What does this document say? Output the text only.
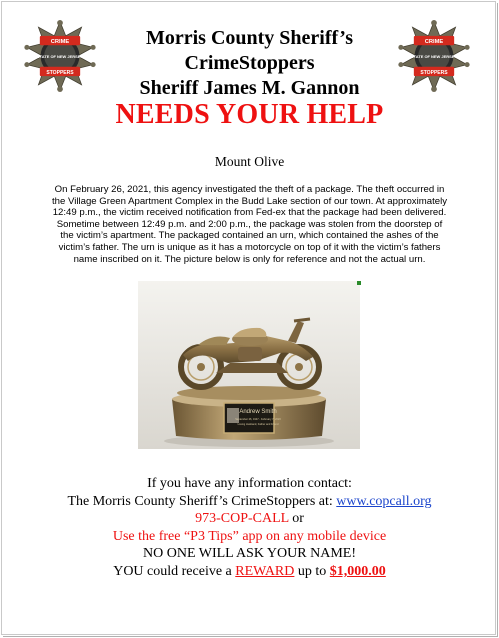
CRIME
STATE OF NEW JERSEY
STOPPERS
CRIME
STATE OF NEW JERSEY
STOPPERS
Morris County Sheriff’s
CrimeStoppers
Sheriff James M. Gannon
NEEDS YOUR HELP
Mount Olive
On February 26, 2021, this agency investigated the theft of a package. The theft occurred in
the Village Green Apartment Complex in the Budd Lake section of our town. At approximately
12:49 p.m., the victim received notification from Fed-ex that the package had been delivered.
Sometime between 12:49 p.m. and 2:00 p.m., the package was stolen from the doorstep of
the victim’s apartment. The packaged contained an urn, which contained the ashes of the
victim’s father. The urn is unique as it has a motorcycle on top of it with the victim’s fathers
name inscribed on it. The picture below is only for reference and not the actual urn.
Andrew Smith
September 26, 1947 - February 7, 2020
Loving Husband, Father and Friend
If you have any information contact:
The Morris County Sheriff’s CrimeStoppers at: www.copcall.org
973-COP-CALL or
Use the free “P3 Tips” app on any mobile device
NO ONE WILL ASK YOUR NAME!
YOU could receive a REWARD up to $1,000.00
